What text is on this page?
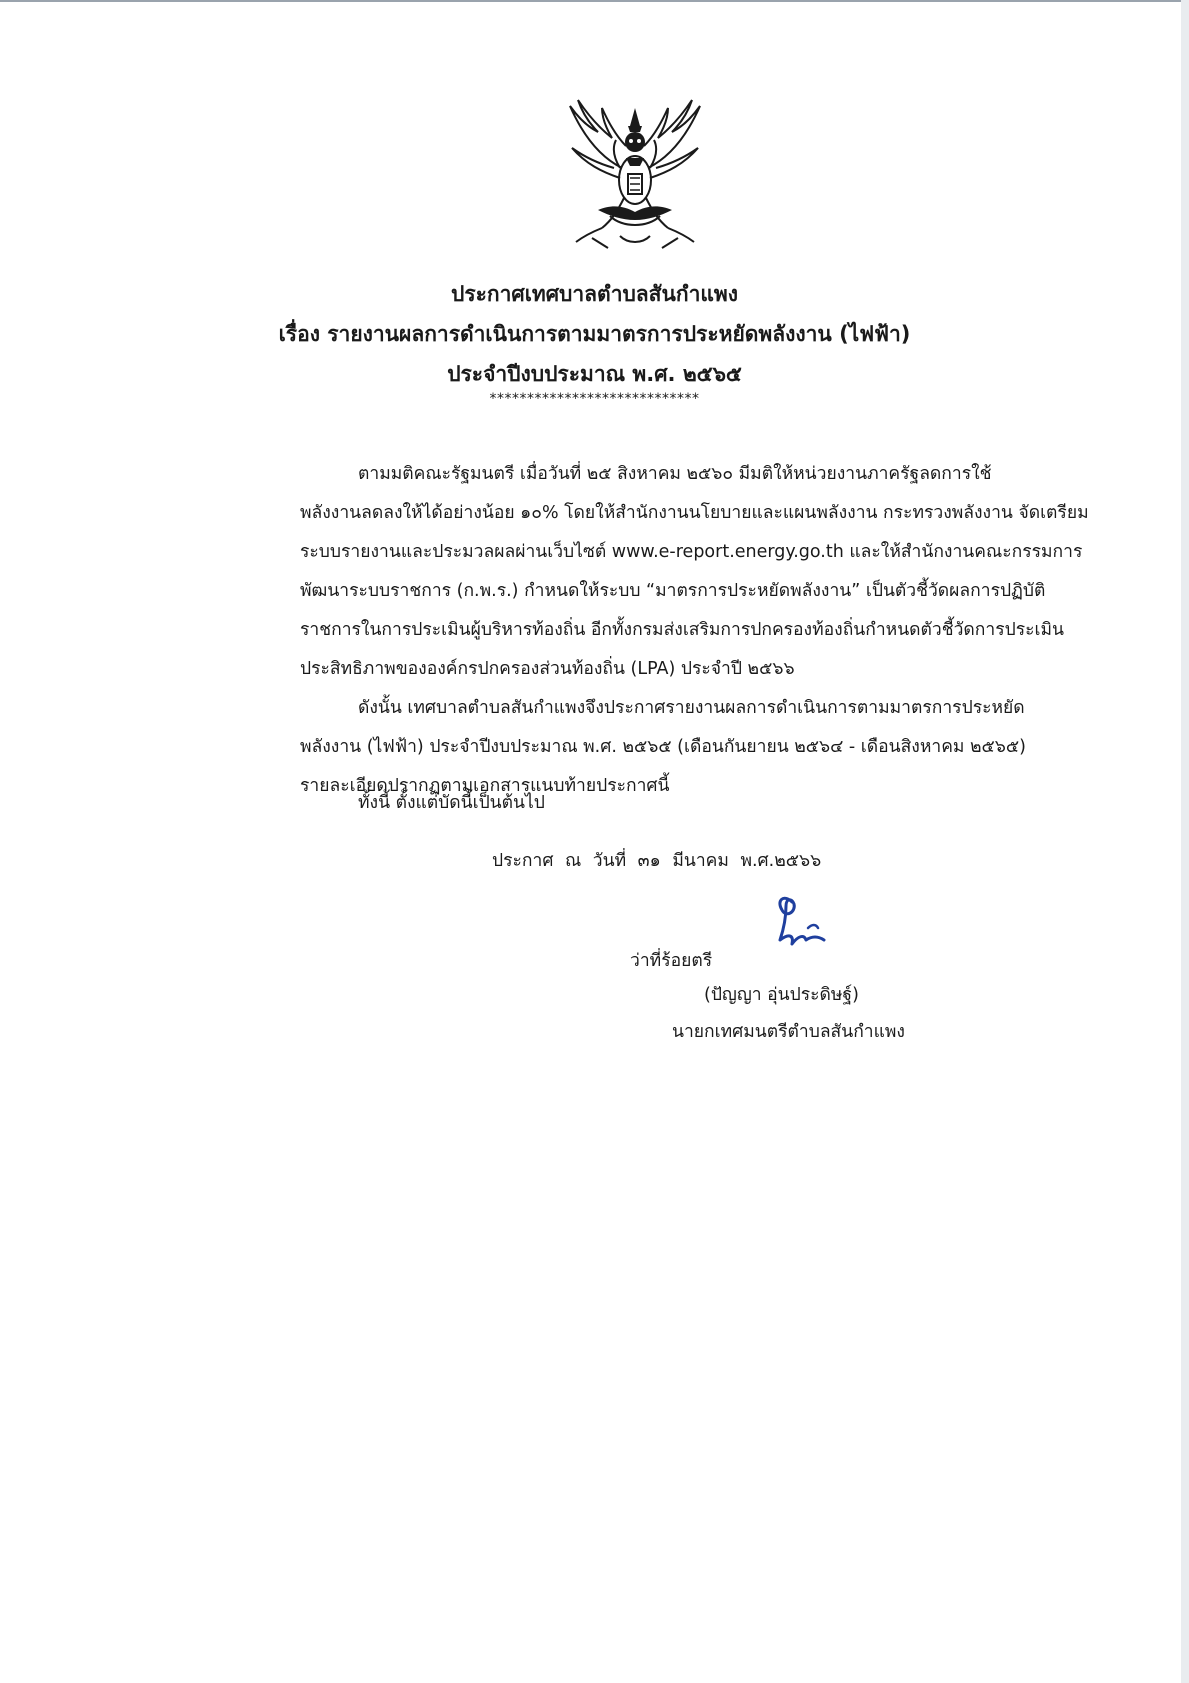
ประกาศเทศบาลตำบลสันกำแพง
เรื่อง รายงานผลการดำเนินการตามมาตรการประหยัดพลังงาน (ไฟฟ้า)
ประจำปีงบประมาณ พ.ศ. ๒๕๖๕
****************************
ตามมติคณะรัฐมนตรี เมื่อวันที่ ๒๕ สิงหาคม ๒๕๖๐ มีมติให้หน่วยงานภาครัฐลดการใช้
พลังงานลดลงให้ได้อย่างน้อย ๑๐% โดยให้สำนักงานนโยบายและแผนพลังงาน กระทรวงพลังงาน จัดเตรียม
ระบบรายงานและประมวลผลผ่านเว็บไซต์ www.e-report.energy.go.th และให้สำนักงานคณะกรรมการ
พัฒนาระบบราชการ (ก.พ.ร.) กำหนดให้ระบบ “มาตรการประหยัดพลังงาน” เป็นตัวชี้วัดผลการปฏิบัติ
ราชการในการประเมินผู้บริหารท้องถิ่น อีกทั้งกรมส่งเสริมการปกครองท้องถิ่นกำหนดตัวชี้วัดการประเมิน
ประสิทธิภาพขององค์กรปกครองส่วนท้องถิ่น (LPA) ประจำปี ๒๕๖๖
ดังนั้น เทศบาลตำบลสันกำแพงจึงประกาศรายงานผลการดำเนินการตามมาตรการประหยัด
พลังงาน (ไฟฟ้า) ประจำปีงบประมาณ พ.ศ. ๒๕๖๕ (เดือนกันยายน ๒๕๖๔ - เดือนสิงหาคม ๒๕๖๕)
รายละเอียดปรากฏตามเอกสารแนบท้ายประกาศนี้
ทั้งนี้ ตั้งแต่บัดนี้เป็นต้นไป
ประกาศ ณ วันที่ ๓๑ มีนาคม พ.ศ.๒๕๖๖
ว่าที่ร้อยตรี
(ปัญญา อุ่นประดิษฐ์)
นายกเทศมนตรีตำบลสันกำแพง
